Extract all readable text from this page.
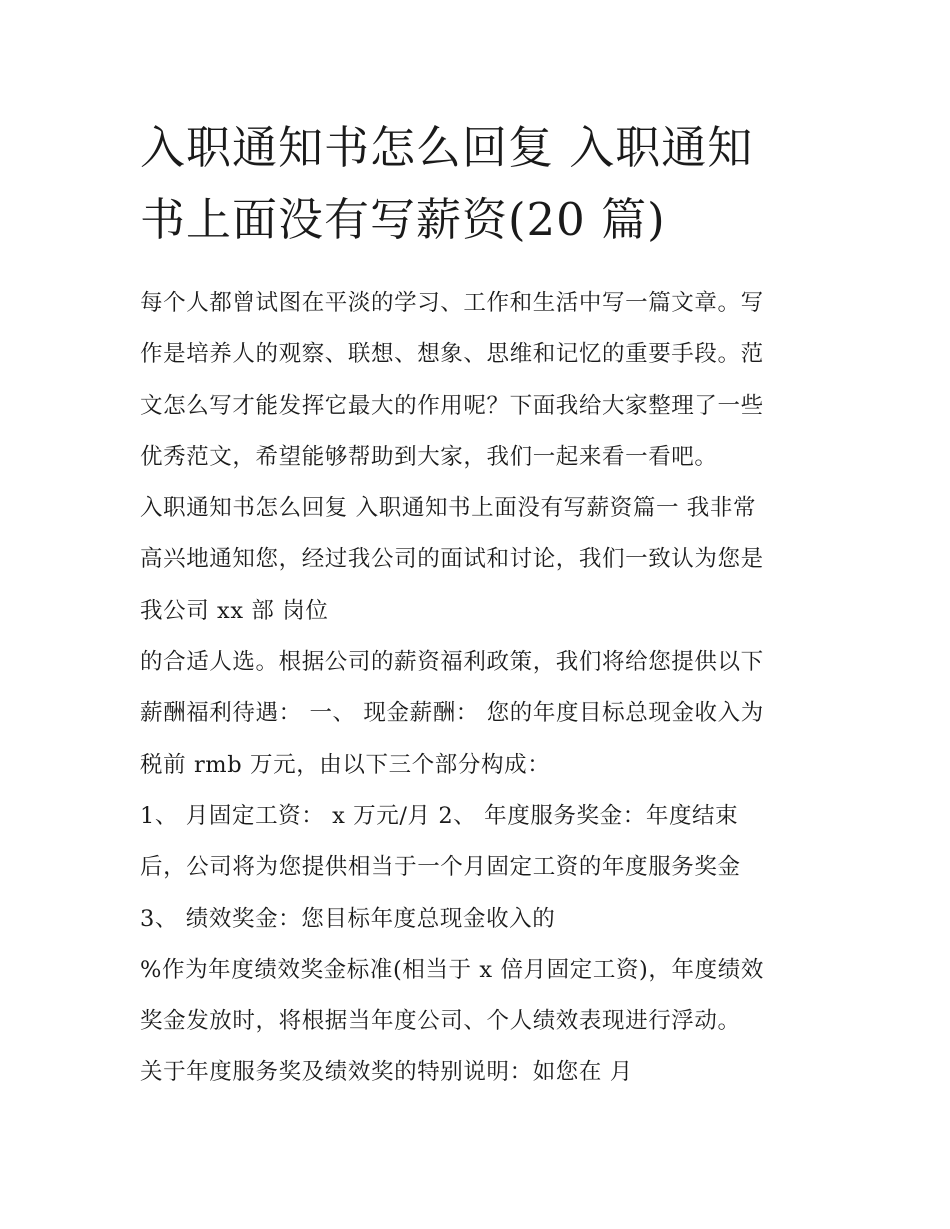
入职通知书怎么回复 入职通知
书上面没有写薪资(20 篇)
每个人都曾试图在平淡的学习、工作和生活中写一篇文章。写
作是培养人的观察、联想、想象、思维和记忆的重要手段。范
文怎么写才能发挥它最大的作用呢？下面我给大家整理了一些
优秀范文，希望能够帮助到大家，我们一起来看一看吧。
入职通知书怎么回复 入职通知书上面没有写薪资篇一 我非常
高兴地通知您，经过我公司的面试和讨论，我们一致认为您是
我公司 xx 部 岗位
的合适人选。根据公司的薪资福利政策，我们将给您提供以下
薪酬福利待遇： 一、 现金薪酬： 您的年度目标总现金收入为
税前 rmb 万元，由以下三个部分构成：
1、 月固定工资： x 万元/月 2、 年度服务奖金：年度结束
后，公司将为您提供相当于一个月固定工资的年度服务奖金
3、 绩效奖金：您目标年度总现金收入的
%作为年度绩效奖金标准(相当于 x 倍月固定工资)，年度绩效
奖金发放时，将根据当年度公司、个人绩效表现进行浮动。
关于年度服务奖及绩效奖的特别说明：如您在 月
